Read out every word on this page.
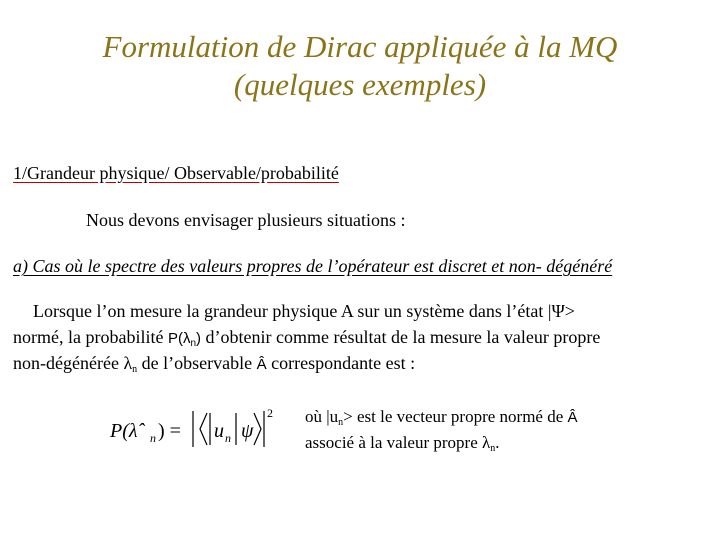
Formulation de Dirac appliquée à la MQ
(quelques exemples)
1/Grandeur physique/ Observable/probabilité
Nous devons envisager plusieurs situations :
a) Cas où le spectre des valeurs propres de l’opérateur est discret et non- dégénéré
Lorsque l’on mesure la grandeur physique A sur un système dans l’état |Ψ>
normé, la probabilité $P(\lambda_n)$ d’obtenir comme résultat de la mesure la valeur propre
non-dégénérée $\lambda_n$ de l’observable Â correspondante est :
P(λ̂	n ) = u n ψ
2 où $|u_n>$ est le vecteur propre normé de Â
associé à la valeur propre $\lambda_n$.
